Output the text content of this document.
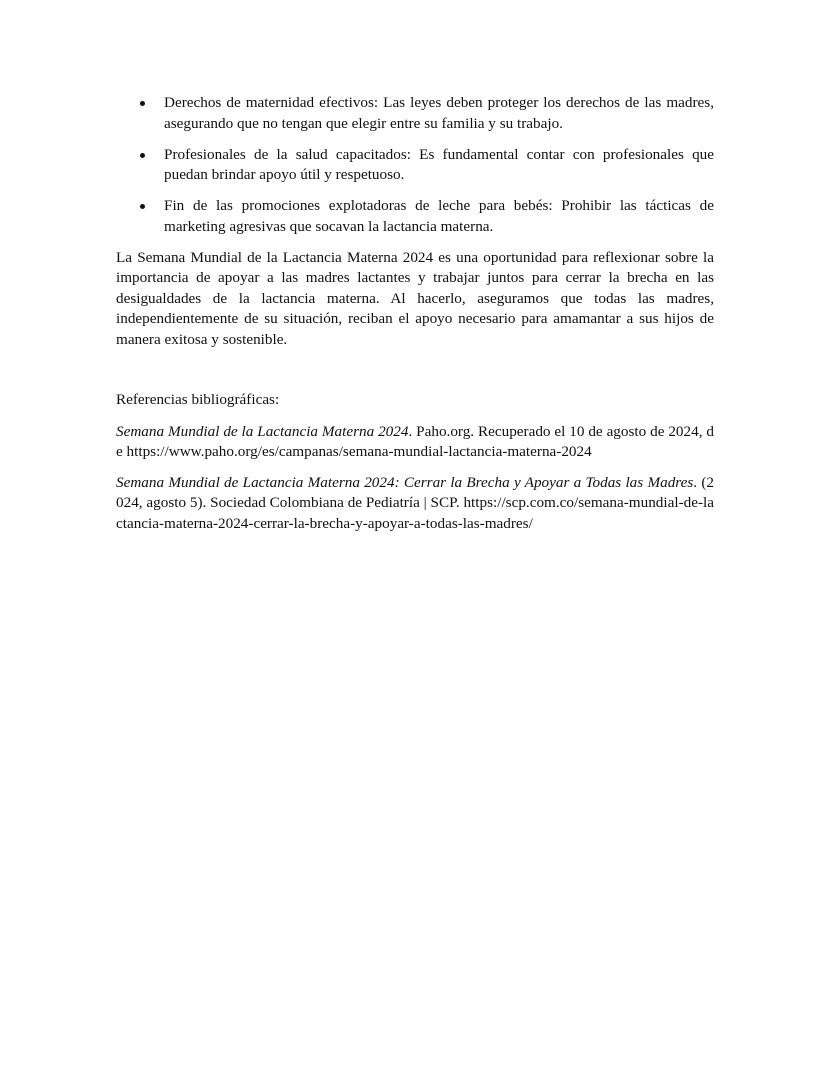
Derechos de maternidad efectivos: Las leyes deben proteger los derechos de las madres, asegurando que no tengan que elegir entre su familia y su trabajo.
Profesionales de la salud capacitados: Es fundamental contar con profesionales que puedan brindar apoyo útil y respetuoso.
Fin de las promociones explotadoras de leche para bebés: Prohibir las tácticas de marketing agresivas que socavan la lactancia materna.

La Semana Mundial de la Lactancia Materna 2024 es una oportunidad para reflexionar sobre la importancia de apoyar a las madres lactantes y trabajar juntos para cerrar la brecha en las desigualdades de la lactancia materna. Al hacerlo, aseguramos que todas las madres, independientemente de su situación, reciban el apoyo necesario para amamantar a sus hijos de manera exitosa y sostenible.

Referencias bibliográficas:

Semana Mundial de la Lactancia Materna 2024. Paho.org. Recuperado el 10 de agosto de 2024, de https://www.paho.org/es/campanas/semana-mundial-lactancia-materna-2024

Semana Mundial de Lactancia Materna 2024: Cerrar la Brecha y Apoyar a Todas las Madres. (2024, agosto 5). Sociedad Colombiana de Pediatría | SCP. https://scp.com.co/semana-mundial-de-lactancia-materna-2024-cerrar-la-brecha-y-apoyar-a-todas-las-madres/
